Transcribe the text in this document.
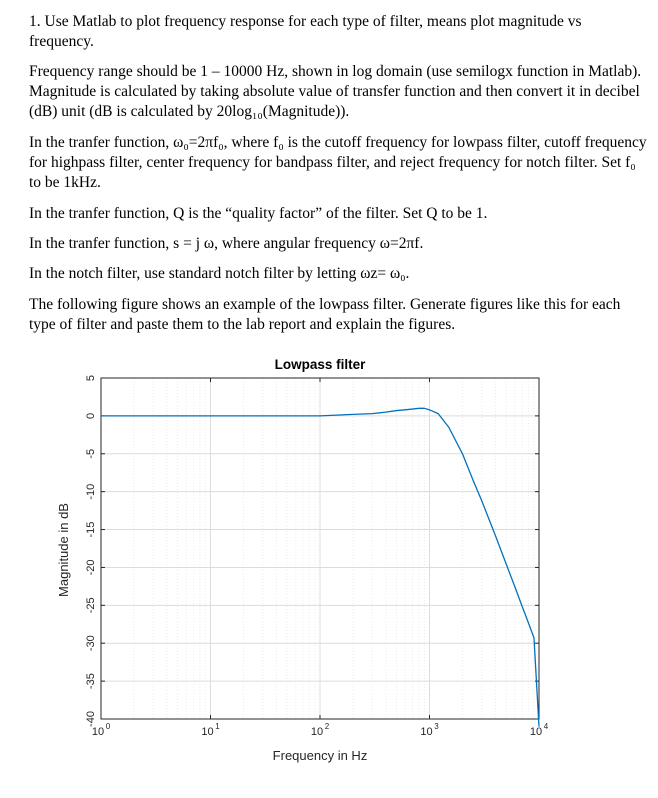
1. Use Matlab to plot frequency response for each type of filter, means plot magnitude vs frequency.

Frequency range should be 1 – 10000 Hz, shown in log domain (use semilogx function in Matlab). Magnitude is calculated by taking absolute value of transfer function and then convert it in decibel (dB) unit (dB is calculated by 20log₁₀(Magnitude)).

In the tranfer function, ω₀=2πf₀, where f₀ is the cutoff frequency for lowpass filter, cutoff frequency for highpass filter, center frequency for bandpass filter, and reject frequency for notch filter. Set f₀ to be 1kHz.

In the tranfer function, Q is the “quality factor” of the filter. Set Q to be 1.

In the tranfer function, s = j ω, where angular frequency ω=2πf.

In the notch filter, use standard notch filter by letting ωz= ω₀.

The following figure shows an example of the lowpass filter. Generate figures like this for each type of filter and paste them to the lab report and explain the figures.

10 0	10 1	10 2	10 3	10 4
5
0
-5
-10
-15
-20
-25
-30
-35
-40
Lowpass filter
Frequency in Hz
Magnitude in dB
